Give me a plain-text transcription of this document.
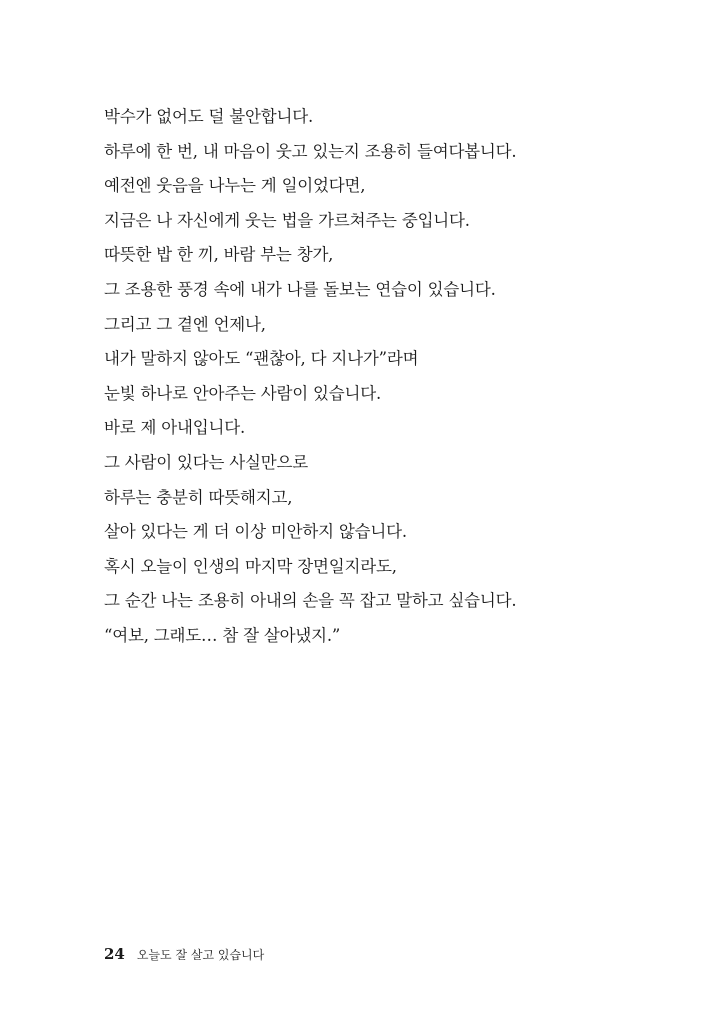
박수가 없어도 덜 불안합니다.

하루에 한 번, 내 마음이 웃고 있는지 조용히 들여다봅니다.

예전엔 웃음을 나누는 게 일이었다면,

지금은 나 자신에게 웃는 법을 가르쳐주는 중입니다.

따뜻한 밥 한 끼, 바람 부는 창가,

그 조용한 풍경 속에 내가 나를 돌보는 연습이 있습니다.

그리고 그 곁엔 언제나,

내가 말하지 않아도 “괜찮아, 다 지나가”라며

눈빛 하나로 안아주는 사람이 있습니다.

바로 제 아내입니다.

그 사람이 있다는 사실만으로

하루는 충분히 따뜻해지고,

살아 있다는 게 더 이상 미안하지 않습니다.

혹시 오늘이 인생의 마지막 장면일지라도,

그 순간 나는 조용히 아내의 손을 꼭 잡고 말하고 싶습니다.

“여보, 그래도… 참 잘 살아냈지.”

24 오늘도 잘 살고 있습니다
